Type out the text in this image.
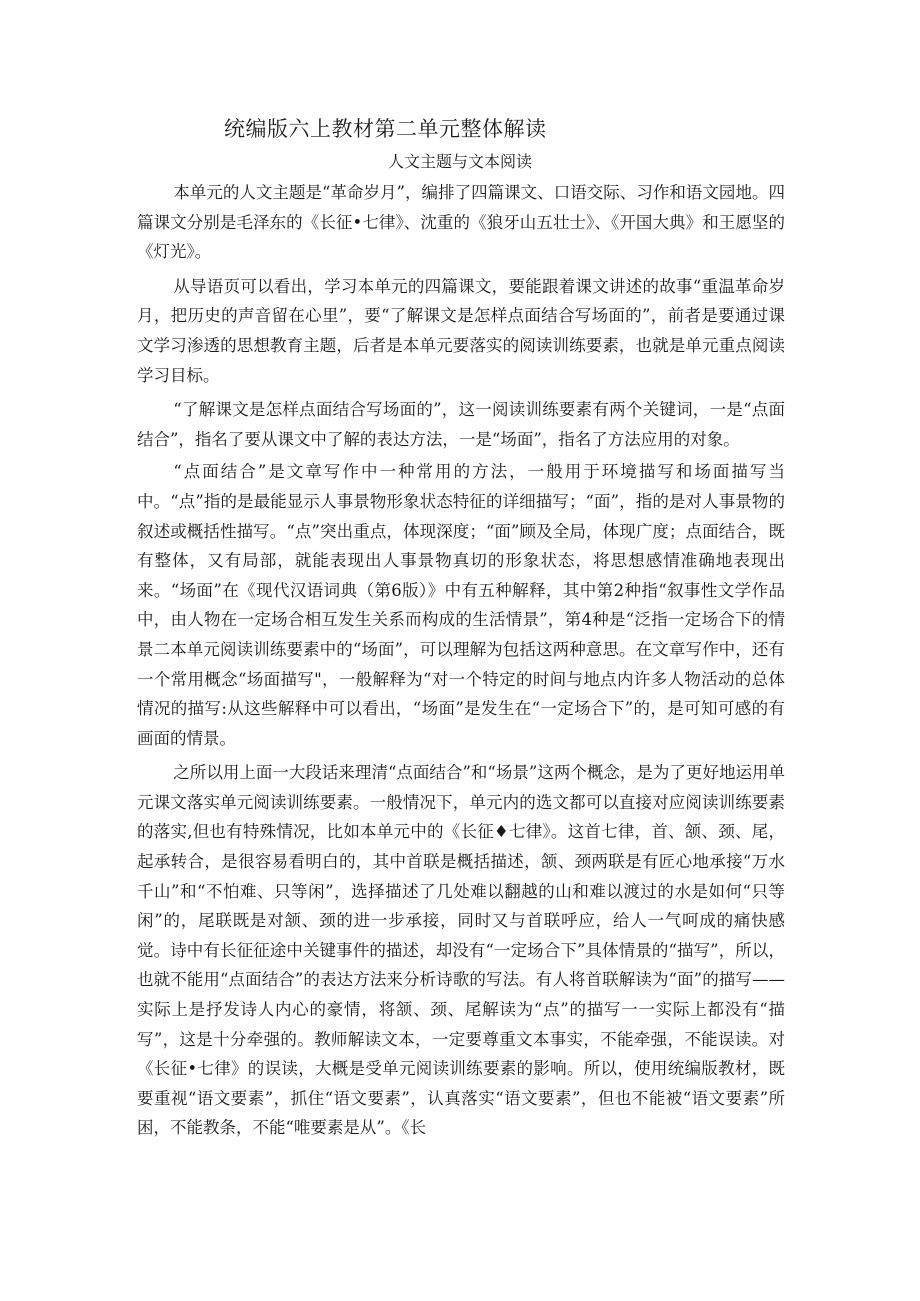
统编版六上教材第二单元整体解读
人文主题与文本阅读

本单元的人文主题是“革命岁月”，编排了四篇课文、口语交际、习作和语文园地。四篇课文分别是毛泽东的《长征•七律》、沈重的《狼牙山五壮士》、《开国大典》和王愿坚的《灯光》。

从导语页可以看出，学习本单元的四篇课文，要能跟着课文讲述的故事“重温革命岁月，把历史的声音留在心里”，要“了解课文是怎样点面结合写场面的”，前者是要通过课文学习渗透的思想教育主题，后者是本单元要落实的阅读训练要素，也就是单元重点阅读学习目标。

“了解课文是怎样点面结合写场面的”，这一阅读训练要素有两个关键词，一是“点面结合”，指名了要从课文中了解的表达方法，一是“场面”，指名了方法应用的对象。

“点面结合”是文章写作中一种常用的方法，一般用于环境描写和场面描写当中。“点”指的是最能显示人事景物形象状态特征的详细描写；“面”，指的是对人事景物的叙述或概括性描写。“点”突出重点，体现深度；“面”顾及全局，体现广度；点面结合，既有整体，又有局部，就能表现出人事景物真切的形象状态，将思想感情准确地表现出来。“场面”在《现代汉语词典（第6版）》中有五种解释，其中第2种指“叙事性文学作品中，由人物在一定场合相互发生关系而构成的生活情景”，第4种是“泛指一定场合下的情景二本单元阅读训练要素中的“场面”，可以理解为包括这两种意思。在文章写作中，还有一个常用概念“场面描写"，一般解释为“对一个特定的时间与地点内许多人物活动的总体情况的描写:从这些解释中可以看出，“场面”是发生在“一定场合下”的，是可知可感的有画面的情景。

之所以用上面一大段话来理清“点面结合”和“场景”这两个概念，是为了更好地运用单元课文落实单元阅读训练要素。一般情况下，单元内的选文都可以直接对应阅读训练要素的落实,但也有特殊情况，比如本单元中的《长征♦七律》。这首七律，首、颔、颈、尾，起承转合，是很容易看明白的，其中首联是概括描述，颔、颈两联是有匠心地承接“万水千山”和“不怕难、只等闲”，选择描述了几处难以翻越的山和难以渡过的水是如何“只等闲”的，尾联既是对颔、颈的进一步承接，同时又与首联呼应，给人一气呵成的痛快感觉。诗中有长征征途中关键事件的描述，却没有“一定场合下”具体情景的“描写”，所以，也就不能用“点面结合”的表达方法来分析诗歌的写法。有人将首联解读为“面”的描写——实际上是抒发诗人内心的豪情，将颔、颈、尾解读为“点”的描写一一实际上都没有“描写”，这是十分牵强的。教师解读文本，一定要尊重文本事实，不能牵强，不能误读。对《长征•七律》的误读，大概是受单元阅读训练要素的影响。所以，使用统编版教材，既要重视“语文要素”，抓住“语文要素”，认真落实“语文要素”，但也不能被“语文要素”所困，不能教条，不能“唯要素是从”。《长
